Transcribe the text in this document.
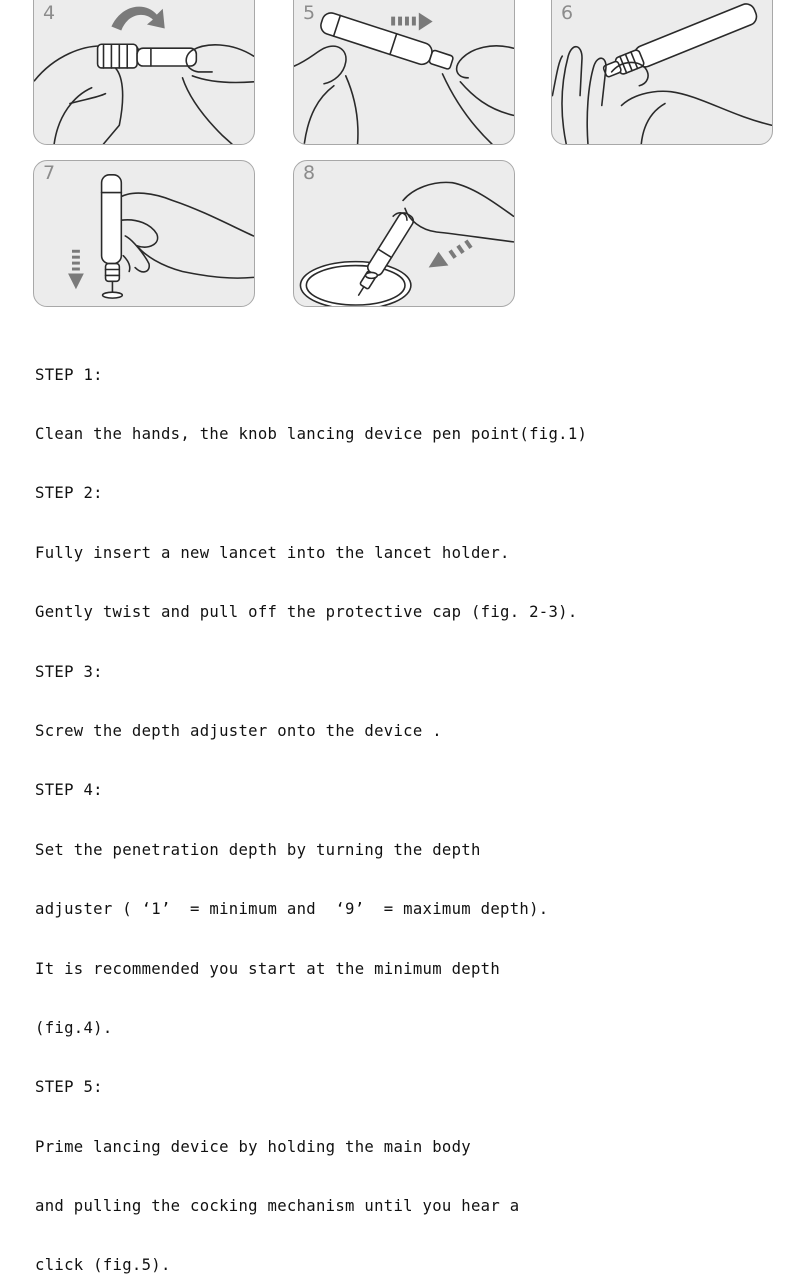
4	5	6
7	8

STEP 1:

Clean the hands, the knob lancing device pen point(fig.1)

STEP 2:

Fully insert a new lancet into the lancet holder.

Gently twist and pull off the protective cap (fig. 2-3).

STEP 3:

Screw the depth adjuster onto the device .

STEP 4:

Set the penetration depth by turning the depth

adjuster ( ‘1’  = minimum and  ‘9’  = maximum depth).

It is recommended you start at the minimum depth

(fig.4).

STEP 5:

Prime lancing device by holding the main body

and pulling the cocking mechanism until you hear a

click (fig.5).
